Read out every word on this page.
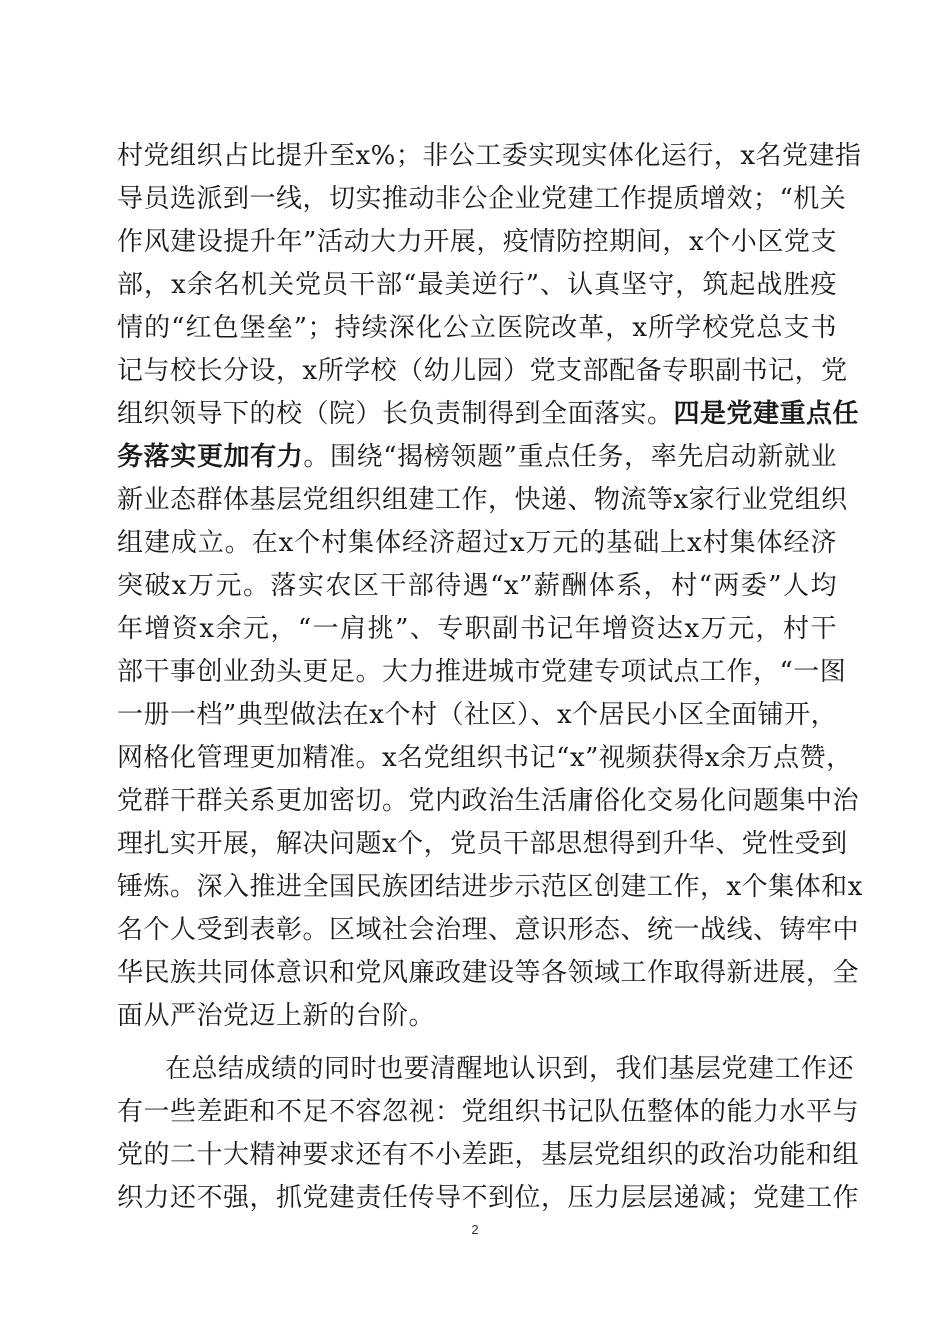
村党组织占比提升至x%；非公工委实现实体化运行，x名党建指
导员选派到一线，切实推动非公企业党建工作提质增效；“机关
作风建设提升年”活动大力开展，疫情防控期间，x个小区党支
部，x余名机关党员干部“最美逆行”、认真坚守，筑起战胜疫
情的“红色堡垒”；持续深化公立医院改革，x所学校党总支书
记与校长分设，x所学校（幼儿园）党支部配备专职副书记，党
组织领导下的校（院）长负责制得到全面落实。四是党建重点任
务落实更加有力。围绕“揭榜领题”重点任务，率先启动新就业
新业态群体基层党组织组建工作，快递、物流等x家行业党组织
组建成立。在x个村集体经济超过x万元的基础上x村集体经济
突破x万元。落实农区干部待遇“x”薪酬体系，村“两委”人均
年增资x余元，“一肩挑”、专职副书记年增资达x万元，村干
部干事创业劲头更足。大力推进城市党建专项试点工作，“一图
一册一档”典型做法在x个村（社区）、x个居民小区全面铺开，
网格化管理更加精准。x名党组织书记“x”视频获得x余万点赞，
党群干群关系更加密切。党内政治生活庸俗化交易化问题集中治
理扎实开展，解决问题x个，党员干部思想得到升华、党性受到
锤炼。深入推进全国民族团结进步示范区创建工作，x个集体和x
名个人受到表彰。区域社会治理、意识形态、统一战线、铸牢中
华民族共同体意识和党风廉政建设等各领域工作取得新进展，全
面从严治党迈上新的台阶。
在总结成绩的同时也要清醒地认识到，我们基层党建工作还
有一些差距和不足不容忽视：党组织书记队伍整体的能力水平与
党的二十大精神要求还有不小差距，基层党组织的政治功能和组
织力还不强，抓党建责任传导不到位，压力层层递减；党建工作
2
